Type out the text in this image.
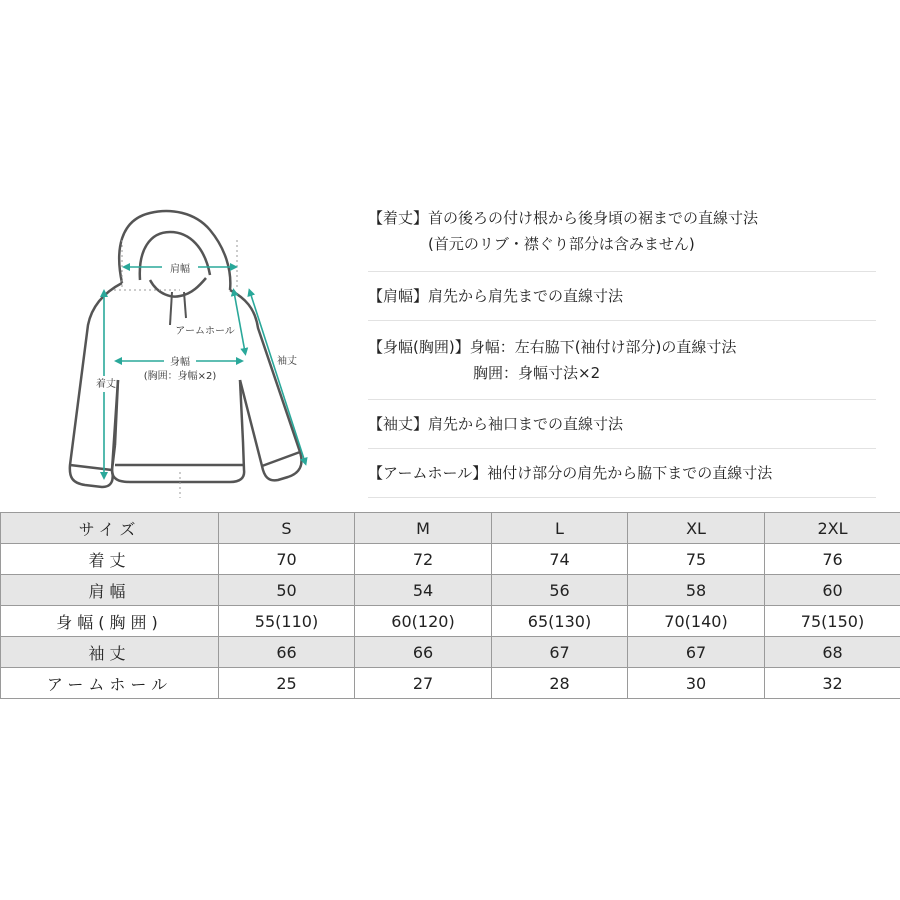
肩幅
アームホール
身幅
(胸囲：身幅×2)
着丈
袖丈
【着丈】首の後ろの付け根から後身頃の裾までの直線寸法
　　　　(首元のリブ・襟ぐり部分は含みません)
【肩幅】肩先から肩先までの直線寸法
【身幅(胸囲)】身幅：左右脇下(袖付け部分)の直線寸法
　　　　　　　胸囲：身幅寸法×2
【袖丈】肩先から袖口までの直線寸法
【アームホール】袖付け部分の肩先から脇下までの直線寸法
サイズ	S	M	L	XL	2XL
着丈	70	72	74	75	76
肩幅	50	54	56	58	60
身幅(胸囲)	55(110)	60(120)	65(130)	70(140)	75(150)
袖丈	66	66	67	67	68
アームホール	25	27	28	30	32
